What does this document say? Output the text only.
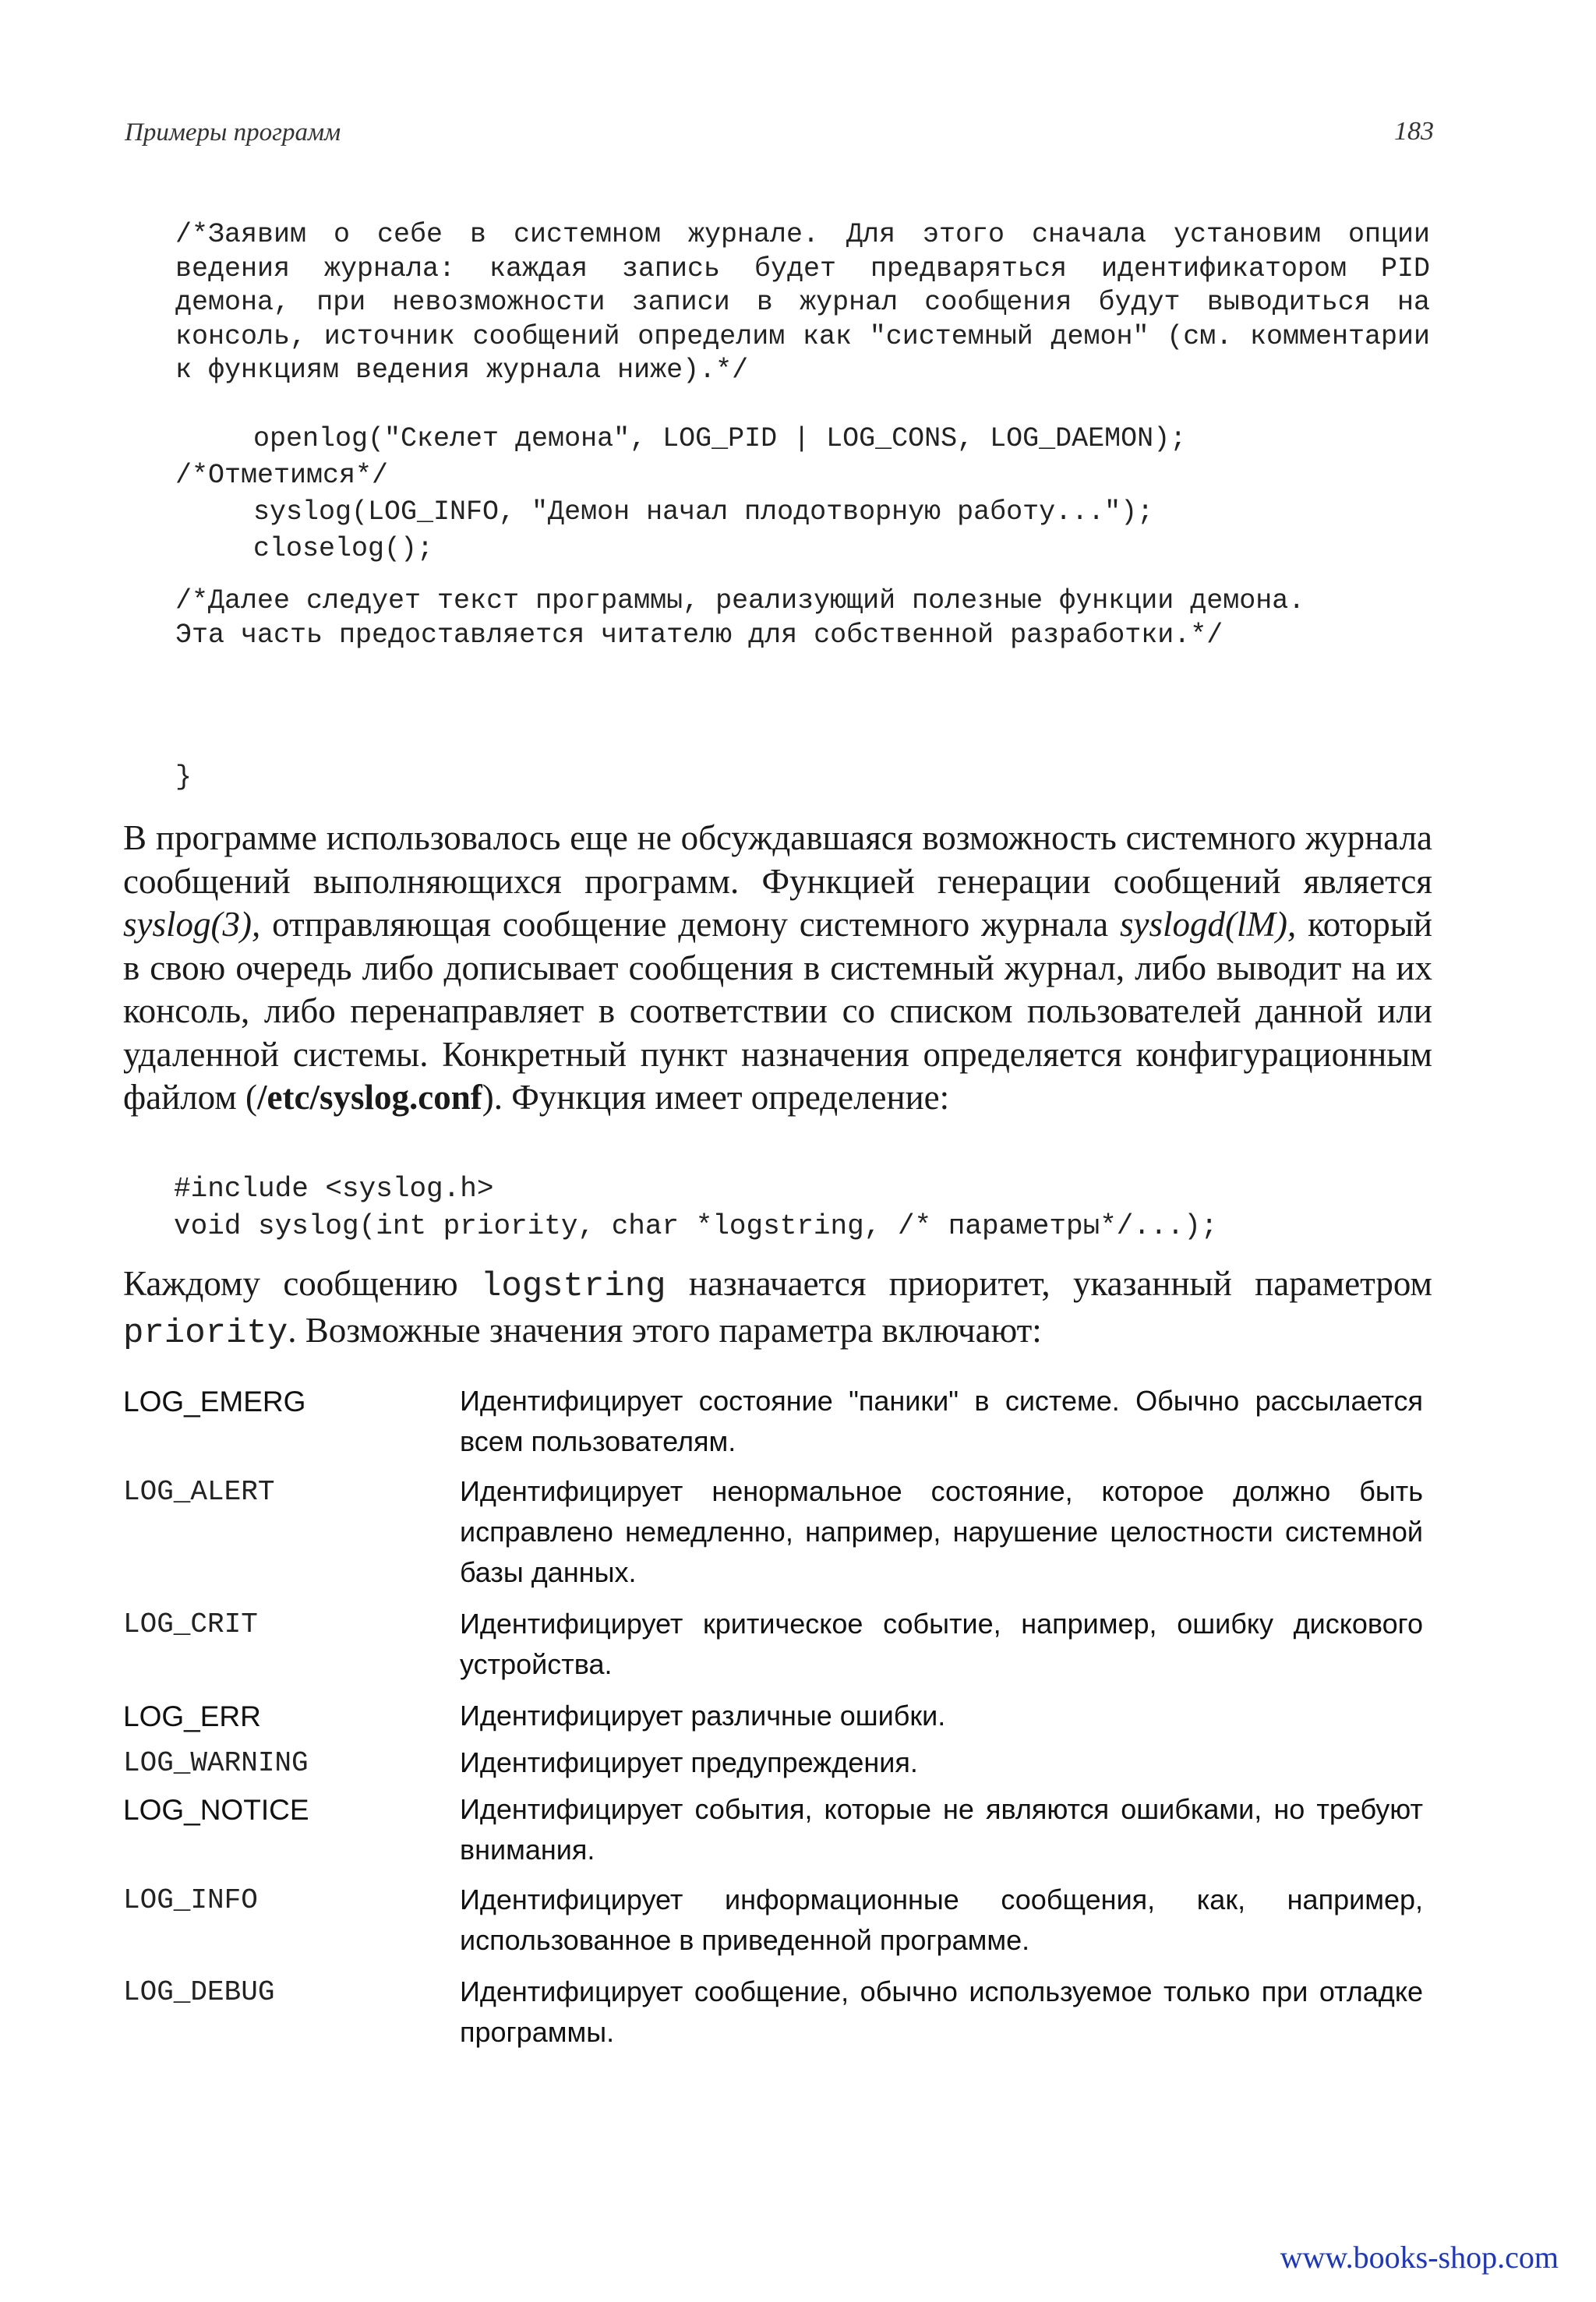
Примеры программ	183
/*Заявим о себе в системном журнале. Для этого сначала установим опции ведения журнала: каждая запись будет предваряться идентификатором PID демона, при невозможности записи в журнал сообщения будут выводиться на консоль, источник сообщений определим как "системный демон" (см. комментарии к функциям ведения журнала ниже).*/
openlog("Скелет демона", LOG_PID | LOG_CONS, LOG_DAEMON);
/*Отметимся*/
syslog(LOG_INFO, "Демон начал плодотворную работу...");
closelog();
/*Далее следует текст программы, реализующий полезные функции демона. Эта часть предоставляется читателю для собственной разработки.*/
}
В программе использовалось еще не обсуждавшаяся возможность системного журнала сообщений выполняющихся программ. Функцией генерации сообщений является syslog(3), отправляющая сообщение демону системного журнала syslogd(lM), который в свою очередь либо дописывает сообщения в системный журнал, либо выводит на их консоль, либо перенаправляет в соответствии со списком пользователей данной или удаленной системы. Конкретный пункт назначения определяется конфигурационным файлом (/etc/syslog.conf). Функция имеет определение:
#include <syslog.h>
void syslog(int priority, char *logstring, /* параметры*/...);
Каждому сообщению logstring назначается приоритет, указанный параметром priority. Возможные значения этого параметра включают:
LOG_EMERG	Идентифицирует состояние "паники" в системе. Обычно рассылается всем пользователям.
LOG_ALERT	Идентифицирует ненормальное состояние, которое должно быть исправлено немедленно, например, нарушение целостности системной базы данных.
LOG_CRIT	Идентифицирует критическое событие, например, ошибку дискового устройства.
LOG_ERR	Идентифицирует различные ошибки.
LOG_WARNING	Идентифицирует предупреждения.
LOG_NOTICE	Идентифицирует события, которые не являются ошибками, но требуют внимания.
LOG_INFO	Идентифицирует информационные сообщения, как, например, использованное в приведенной программе.
LOG_DEBUG	Идентифицирует сообщение, обычно используемое только при отладке программы.
www.books-shop.com
